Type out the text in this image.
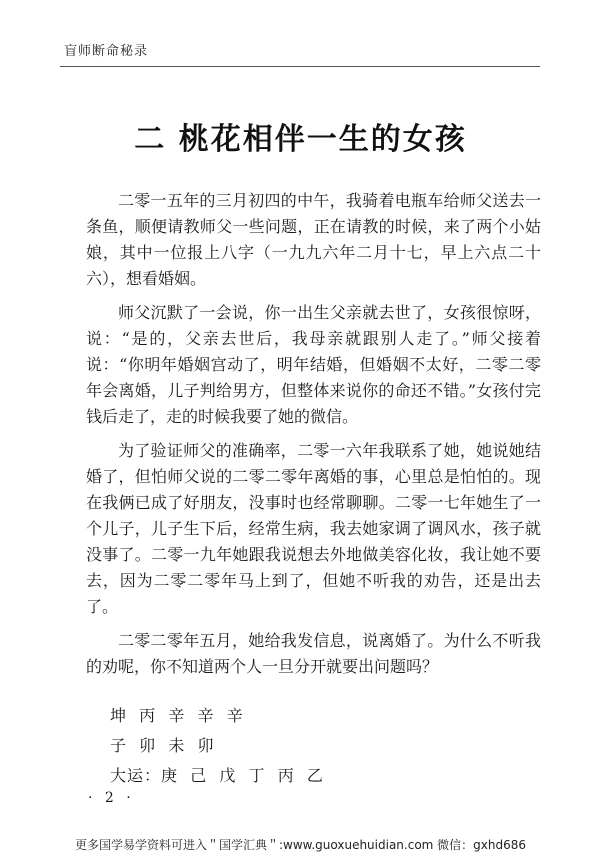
盲师断命秘录
二 桃花相伴一生的女孩

二零一五年的三月初四的中午，我骑着电瓶车给师父送去一条鱼，顺便请教师父一些问题，正在请教的时候，来了两个小姑娘，其中一位报上八字（一九九六年二月十七，早上六点二十六），想看婚姻。

师父沉默了一会说，你一出生父亲就去世了，女孩很惊呀，说：“是的，父亲去世后，我母亲就跟别人走了。”师父接着说：“你明年婚姻宫动了，明年结婚，但婚姻不太好，二零二零年会离婚，儿子判给男方，但整体来说你的命还不错。”女孩付完钱后走了，走的时候我要了她的微信。

为了验证师父的准确率，二零一六年我联系了她，她说她结婚了，但怕师父说的二零二零年离婚的事，心里总是怕怕的。现在我俩已成了好朋友，没事时也经常聊聊。二零一七年她生了一个儿子，儿子生下后，经常生病，我去她家调了调风水，孩子就没事了。二零一九年她跟我说想去外地做美容化妆，我让她不要去，因为二零二零年马上到了，但她不听我的劝告，还是出去了。

二零二零年五月，她给我发信息，说离婚了。为什么不听我的劝呢，你不知道两个人一旦分开就要出问题吗？

坤  丙  辛  辛  辛
子  卯  未  卯
大运：庚  己  戊  丁  丙  乙
· 2 ·
更多国学易学资料可进入＂国学汇典＂:www.guoxuehuidian.com 微信：gxhd686
